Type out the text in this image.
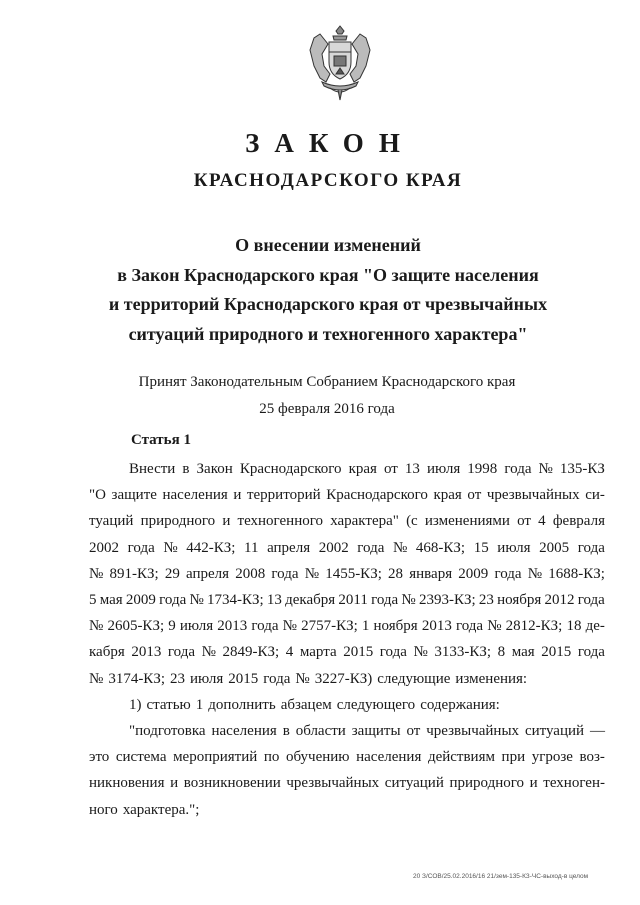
ЗАКОН
КРАСНОДАРСКОГО КРАЯ
О внесении изменений
в Закон Краснодарского края "О защите населения
и территорий Краснодарского края от чрезвычайных
ситуаций природного и техногенного характера"
Принят Законодательным Собранием Краснодарского края
25 февраля 2016 года
Статья 1
Внести в Закон Краснодарского края от 13 июля 1998 года № 135-КЗ
"О защите населения и территорий Краснодарского края от чрезвычайных си-
туаций природного и техногенного характера" (с изменениями от 4 февраля
2002 года № 442-КЗ; 11 апреля 2002 года № 468-КЗ; 15 июля 2005 года
№ 891-КЗ; 29 апреля 2008 года № 1455-КЗ; 28 января 2009 года № 1688-КЗ;
5 мая 2009 года № 1734-КЗ; 13 декабря 2011 года № 2393-КЗ; 23 ноября 2012 года
№ 2605-КЗ; 9 июля 2013 года № 2757-КЗ; 1 ноября 2013 года № 2812-КЗ; 18 де-
кабря 2013 года № 2849-КЗ; 4 марта 2015 года № 3133-КЗ; 8 мая 2015 года
№ 3174-КЗ; 23 июля 2015 года № 3227-КЗ) следующие изменения:
1) статью 1 дополнить абзацем следующего содержания:
"подготовка населения в области защиты от чрезвычайных ситуаций —
это система мероприятий по обучению населения действиям при угрозе воз-
никновения и возникновении чрезвычайных ситуаций природного и техноген-
ного характера.";
20 З/СОВ/25.02.2016/16 21/зем-135-КЗ-ЧС-выход-в целом
